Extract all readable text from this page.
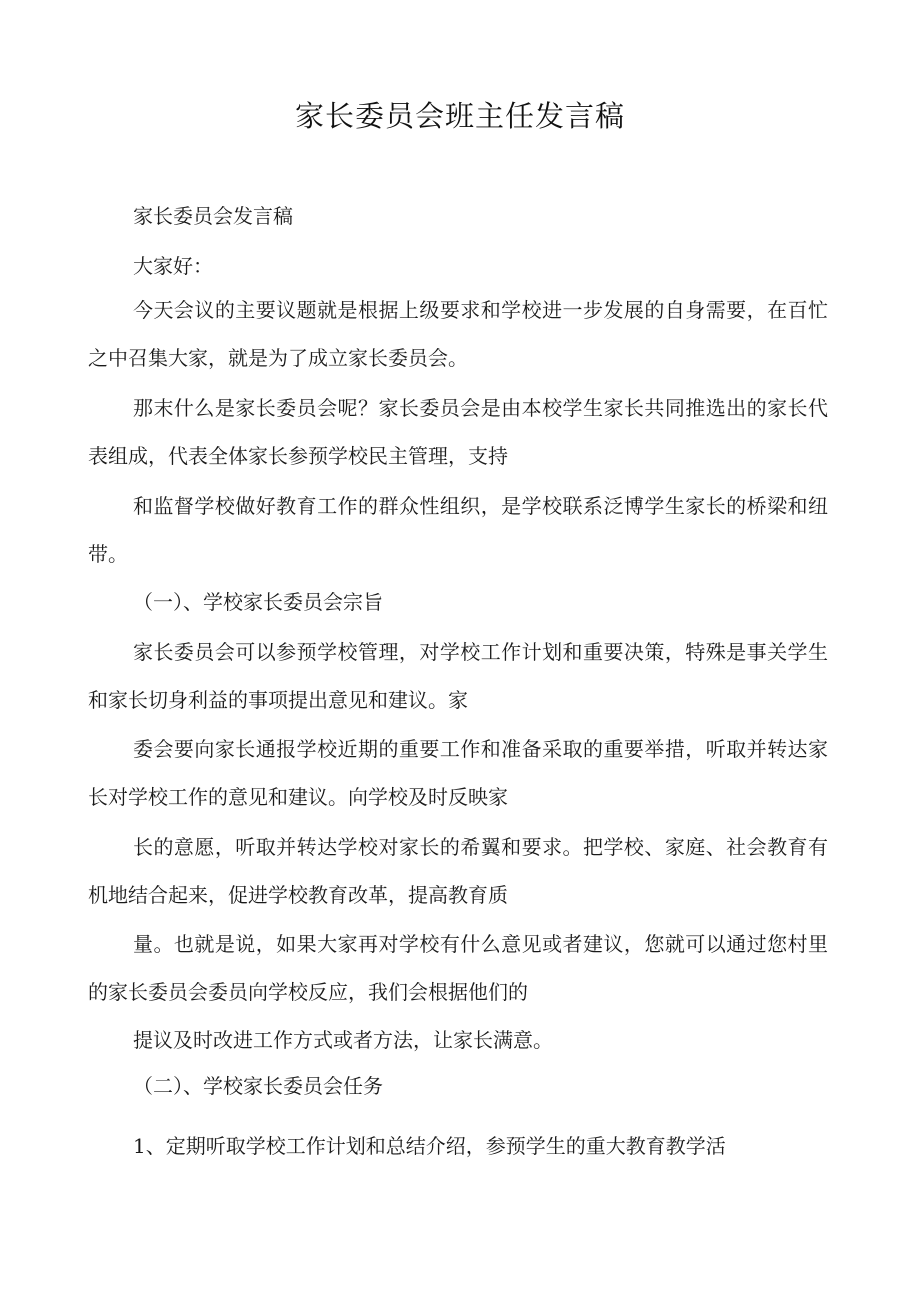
家长委员会班主任发言稿

家长委员会发言稿

大家好：

今天会议的主要议题就是根据上级要求和学校进一步发展的自身需要，在百忙之中召集大家，就是为了成立家长委员会。

那末什么是家长委员会呢？家长委员会是由本校学生家长共同推选出的家长代表组成，代表全体家长参预学校民主管理，支持

和监督学校做好教育工作的群众性组织，是学校联系泛博学生家长的桥梁和纽带。

（一）、学校家长委员会宗旨

家长委员会可以参预学校管理，对学校工作计划和重要决策，特殊是事关学生和家长切身利益的事项提出意见和建议。家

委会要向家长通报学校近期的重要工作和准备采取的重要举措，听取并转达家长对学校工作的意见和建议。向学校及时反映家

长的意愿，听取并转达学校对家长的希翼和要求。把学校、家庭、社会教育有机地结合起来，促进学校教育改革，提高教育质

量。也就是说，如果大家再对学校有什么意见或者建议，您就可以通过您村里的家长委员会委员向学校反应，我们会根据他们的

提议及时改进工作方式或者方法，让家长满意。

（二）、学校家长委员会任务

1、定期听取学校工作计划和总结介绍，参预学生的重大教育教学活
